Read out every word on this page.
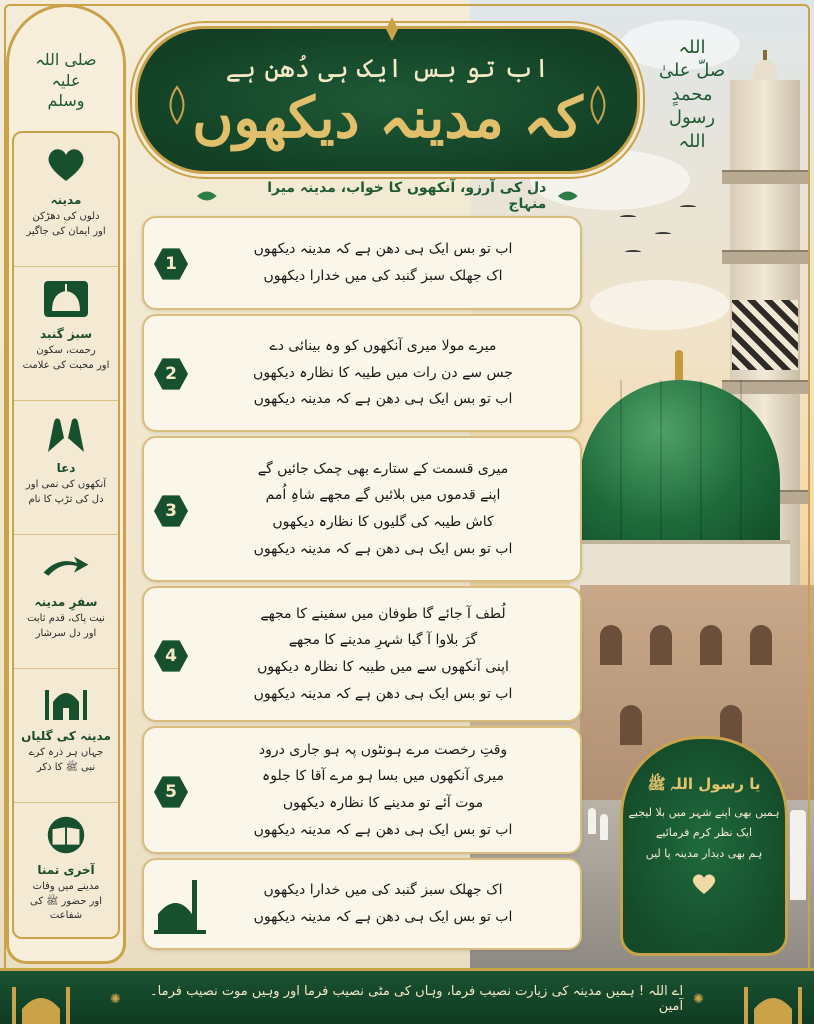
صلی اللہ
علیہ
وسلم
مدینہ
دلوں کی دھڑکن
اور ایمان کی جاگیر
سبز گنبد
رحمت، سکون
اور محبت کی علامت
دعا
آنکھوں کی نمی اور
دل کی تڑپ کا نام
سفرِ مدینہ
نیت پاک، قدم ثابت
اور دل سرشار
مدینہ کی گلیاں
جہاں ہر ذرہ کرے
نبی ﷺ کا ذکر
آخری تمنا
مدینے میں وفات
اور حضور ﷺ کی شفاعت
اب تو بس ایک ہی دُھن ہے
کہ مدینہ دیکھوں
اللہ
صلّ علیٰ
محمدٍ رسول
اللہ
دل کی آرزو، آنکھوں کا خواب، مدینہ میرا منہاج
1
اب تو بس ایک ہی دھن ہے کہ مدینہ دیکھوں
اک جھلک سبز گنبد کی میں خدارا دیکھوں
2
میرے مولا میری آنکھوں کو وہ بینائی دے
جس سے دن رات میں طیبہ کا نظارہ دیکھوں
اب تو بس ایک ہی دھن ہے کہ مدینہ دیکھوں
3
میری قسمت کے ستارے بھی چمک جائیں گے
اپنے قدموں میں بلائیں گے مجھے شاہِ اُمم
کاش طیبہ کی گلیوں کا نظارہ دیکھوں
اب تو بس ایک ہی دھن ہے کہ مدینہ دیکھوں
4
لُطف آ جائے گا طوفان میں سفینے کا مجھے
گرَ بلاوا آ گیا شہرِ مدینے کا مجھے
اپنی آنکھوں سے میں طیبہ کا نظارہ دیکھوں
اب تو بس ایک ہی دھن ہے کہ مدینہ دیکھوں
5
وقتِ رخصت مرے ہونٹوں پہ ہو جاری درود
میری آنکھوں میں بسا ہو مرے آقا کا جلوہ
موت آئے تو مدینے کا نظارہ دیکھوں
اب تو بس ایک ہی دھن ہے کہ مدینہ دیکھوں
اک جھلک سبز گنبد کی میں خدارا دیکھوں
اب تو بس ایک ہی دھن ہے کہ مدینہ دیکھوں
یا رسول اللہ ﷺ
ہمیں بھی اپنے شہر میں بلا لیجیے
ایک نظر کرم فرمائیے
ہم بھی دیدار مدینہ پا لیں
✺
اے اللہ ! ہمیں مدینہ کی زیارت نصیب فرما، وہاں کی مٹی نصیب فرما اور وہیں موت نصیب فرما۔ آمین
✺
